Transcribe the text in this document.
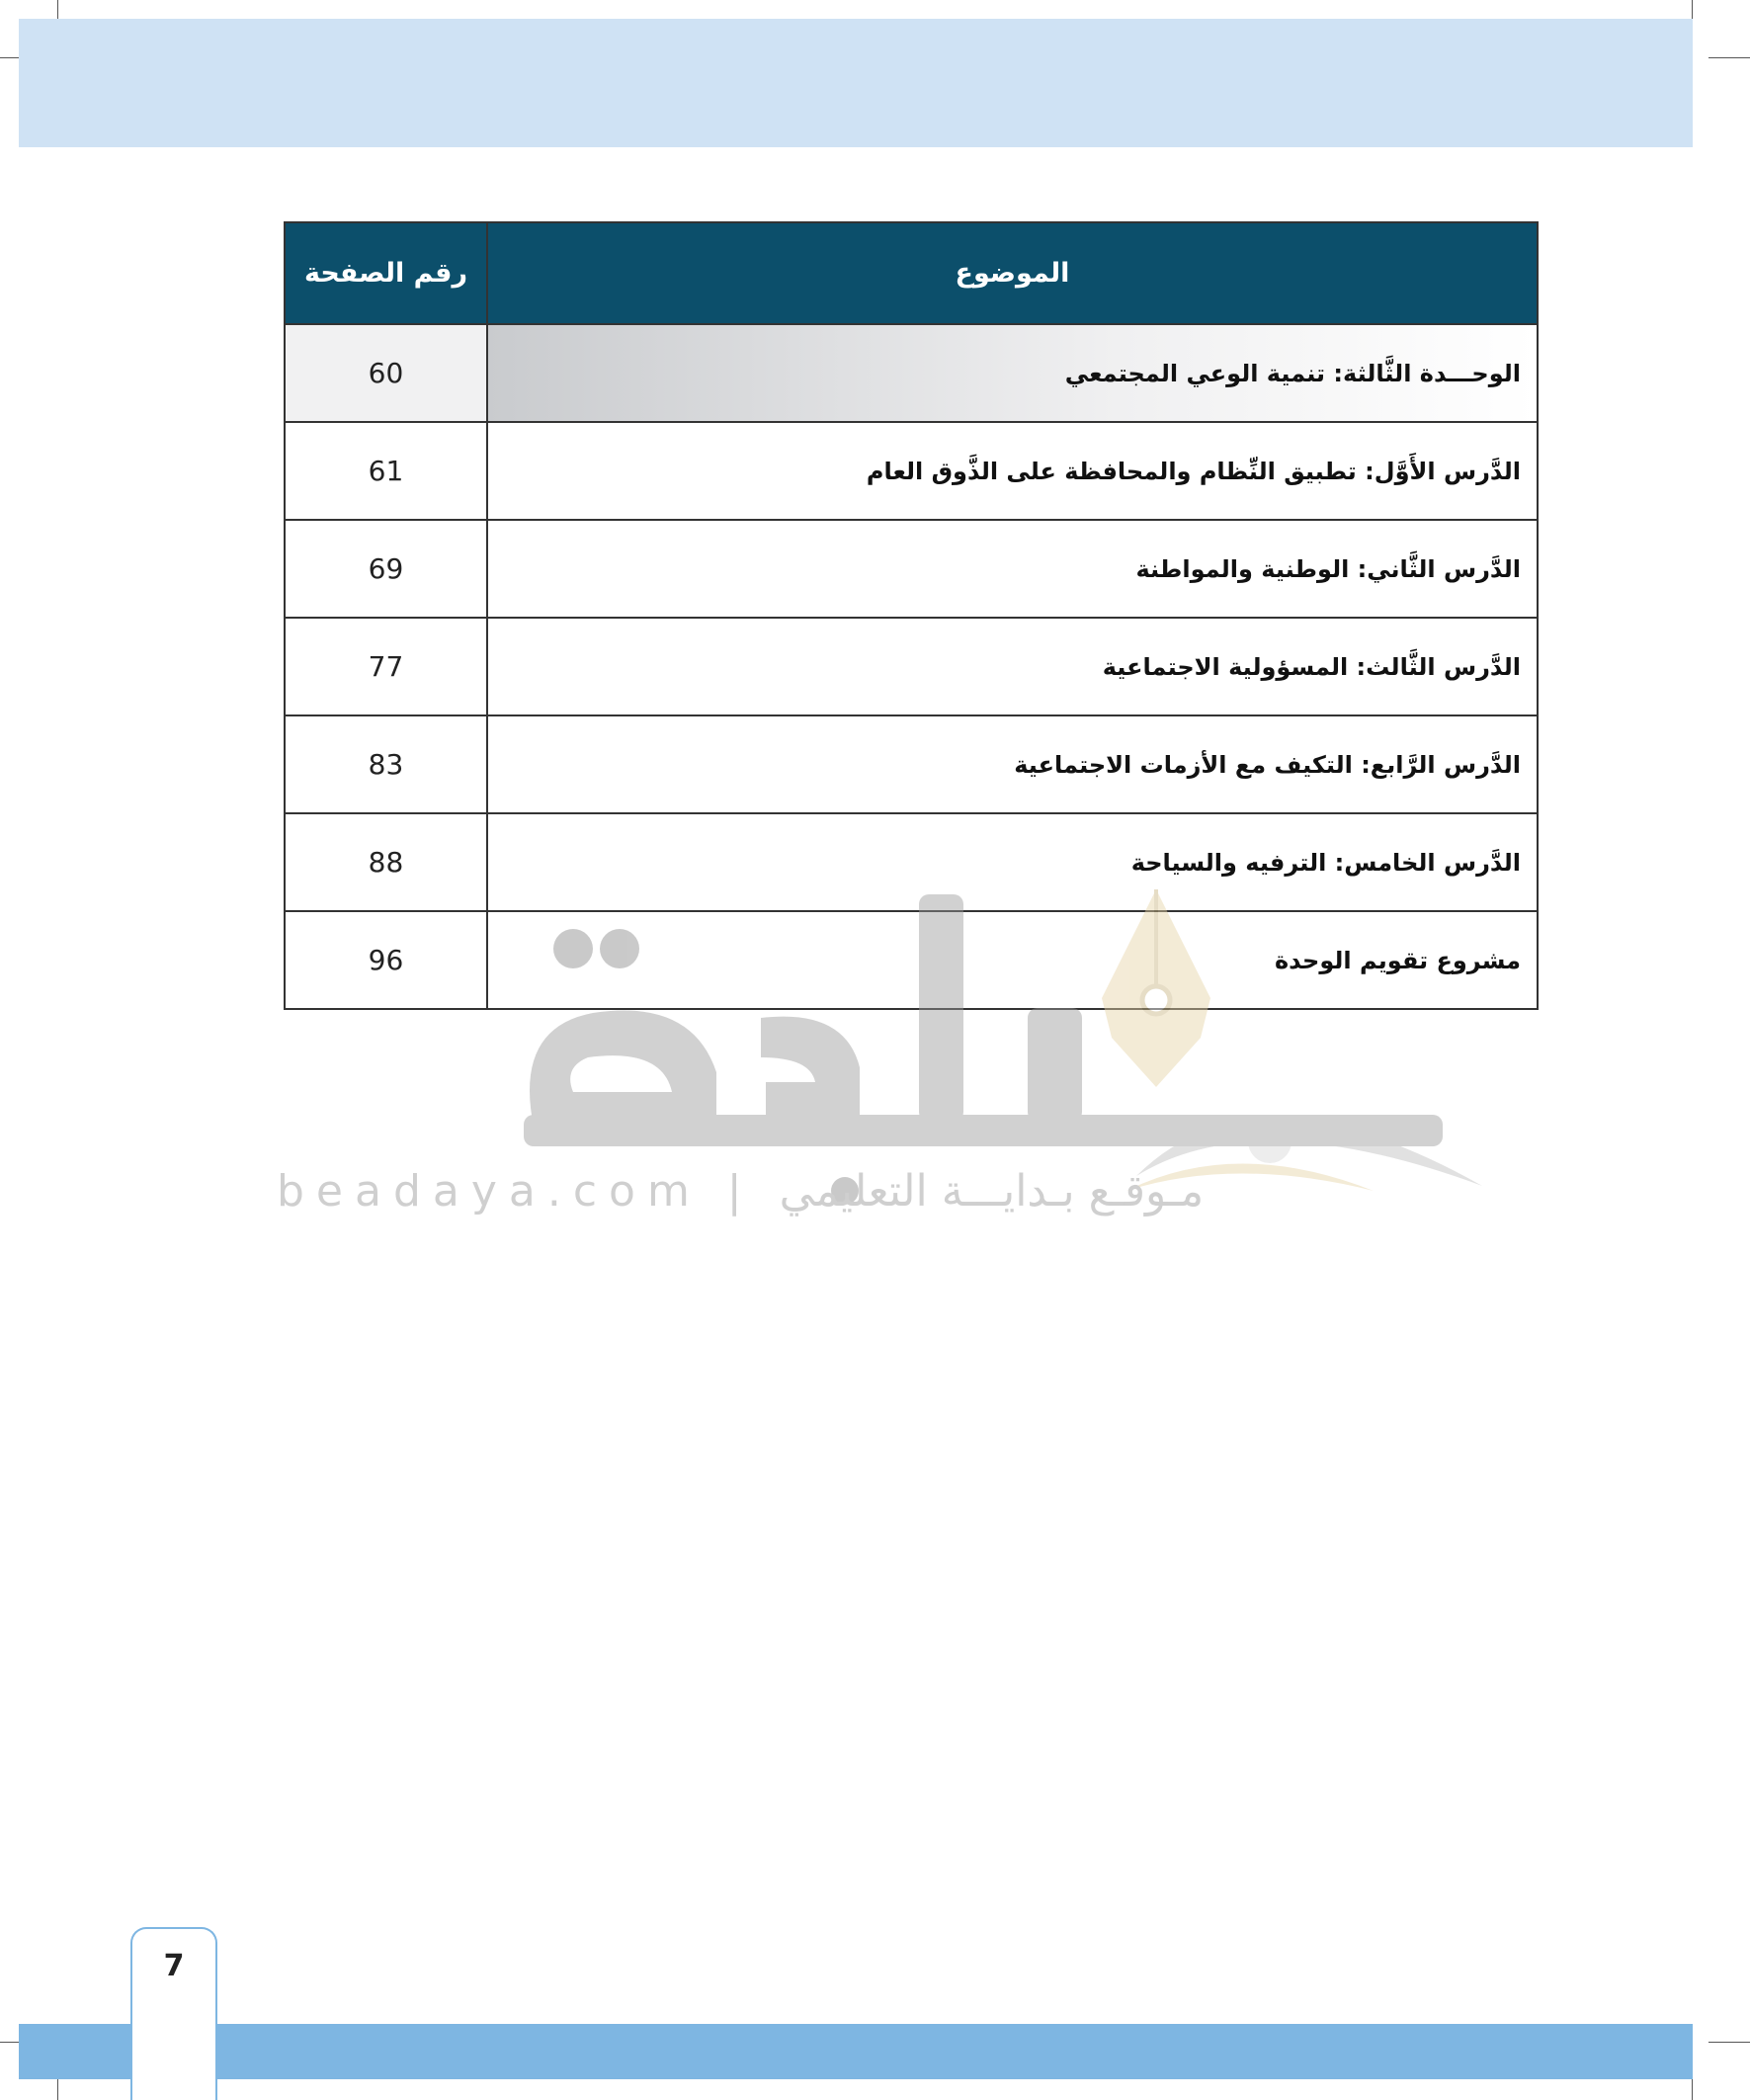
الموضوع	رقم الصفحة
الوحـــدة الثَّالثة: تنمية الوعي المجتمعي	60
الدَّرس الأَوَّل: تطبيق النِّظام والمحافظة على الذَّوق العام	61
الدَّرس الثَّاني: الوطنية والمواطنة	69
الدَّرس الثَّالث: المسؤولية الاجتماعية	77
الدَّرس الرَّابع: التكيف مع الأزمات الاجتماعية	83
الدَّرس الخامس: الترفيه والسياحة	88
مشروع تقويم الوحدة	96
beadaya.com | مـوقـع بـدايـــة التعليمي
7
